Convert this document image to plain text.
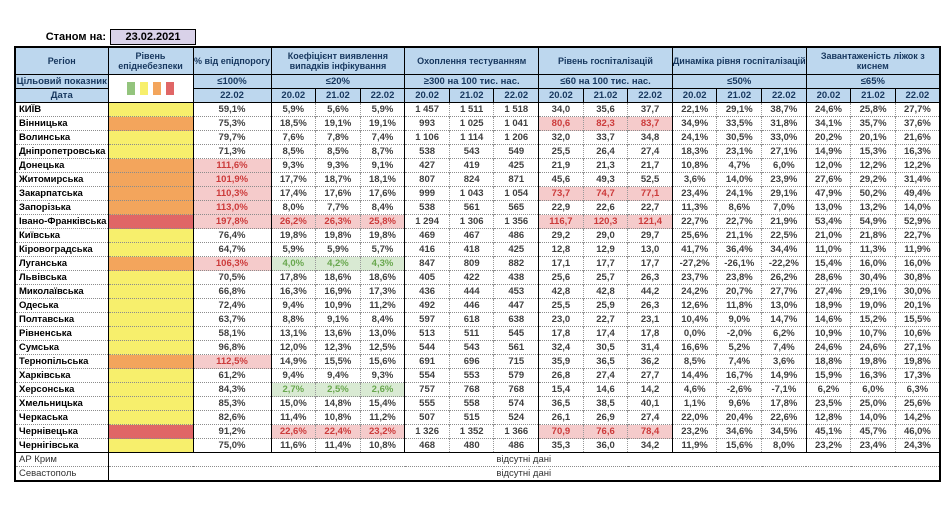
Станом на:	23.02.2021
Регіон	Рівень епіднебезпеки	% від епідпорогу	Коефіцієнт виявлення випадків інфікування			Охоплення тестуванням			Рівень госпіталізацій			Динаміка рівня госпіталізацій			Завантаженість ліжок з киснем		
Цільовий показник		≤100%	≤20%			≥300 на 100 тис. нас.			≤60 на 100 тис. нас.			≤50%			≤65%		
Дата		22.02	20.02	21.02	22.02	20.02	21.02	22.02	20.02	21.02	22.02	20.02	21.02	22.02	20.02	21.02	22.02
КИЇВ		59,1%	5,9%	5,6%	5,9%	1 457	1 511	1 518	34,0	35,6	37,7	22,1%	29,1%	38,7%	24,6%	25,8%	27,7%
Вінницька		75,3%	18,5%	19,1%	19,1%	993	1 025	1 041	80,6	82,3	83,7	34,9%	33,5%	31,8%	34,1%	35,7%	37,6%
Волинська		79,7%	7,6%	7,8%	7,4%	1 106	1 114	1 206	32,0	33,7	34,8	24,1%	30,5%	33,0%	20,2%	20,1%	21,6%
Дніпропетровська		71,3%	8,5%	8,5%	8,7%	538	543	549	25,5	26,4	27,4	18,3%	23,1%	27,1%	14,9%	15,3%	16,3%
Донецька		111,6%	9,3%	9,3%	9,1%	427	419	425	21,9	21,3	21,7	10,8%	4,7%	6,0%	12,0%	12,2%	12,2%
Житомирська		101,9%	17,7%	18,7%	18,1%	807	824	871	45,6	49,3	52,5	3,6%	14,0%	23,9%	27,6%	29,2%	31,4%
Закарпатська		110,3%	17,4%	17,6%	17,6%	999	1 043	1 054	73,7	74,7	77,1	23,4%	24,1%	29,1%	47,9%	50,2%	49,4%
Запорізька		113,0%	8,0%	7,7%	8,4%	538	561	565	22,9	22,6	22,7	11,3%	8,6%	7,0%	13,0%	13,2%	14,0%
Івано-Франківська		197,8%	26,2%	26,3%	25,8%	1 294	1 306	1 356	116,7	120,3	121,4	22,7%	22,7%	21,9%	53,4%	54,9%	52,9%
Київська		76,4%	19,8%	19,8%	19,8%	469	467	486	29,2	29,0	29,7	25,6%	21,1%	22,5%	21,0%	21,8%	22,7%
Кіровоградська		64,7%	5,9%	5,9%	5,7%	416	418	425	12,8	12,9	13,0	41,7%	36,4%	34,4%	11,0%	11,3%	11,9%
Луганська		106,3%	4,0%	4,2%	4,3%	847	809	882	17,1	17,7	17,7	-27,2%	-26,1%	-22,2%	15,4%	16,0%	16,0%
Львівська		70,5%	17,8%	18,6%	18,6%	405	422	438	25,6	25,7	26,3	23,7%	23,8%	26,2%	28,6%	30,4%	30,8%
Миколаївська		66,8%	16,3%	16,9%	17,3%	436	444	453	42,8	42,8	44,2	24,2%	20,7%	27,7%	27,4%	29,1%	30,0%
Одеська		72,4%	9,4%	10,9%	11,2%	492	446	447	25,5	25,9	26,3	12,6%	11,8%	13,0%	18,9%	19,0%	20,1%
Полтавська		63,7%	8,8%	9,1%	8,4%	597	618	638	23,0	22,7	23,1	10,4%	9,0%	14,7%	14,6%	15,2%	15,5%
Рівненська		58,1%	13,1%	13,6%	13,0%	513	511	545	17,8	17,4	17,8	0,0%	-2,0%	6,2%	10,9%	10,7%	10,6%
Сумська		96,8%	12,0%	12,3%	12,5%	544	543	561	32,4	30,5	31,4	16,6%	5,2%	7,4%	24,6%	24,6%	27,1%
Тернопільська		112,5%	14,9%	15,5%	15,6%	691	696	715	35,9	36,5	36,2	8,5%	7,4%	3,6%	18,8%	19,8%	19,8%
Харківська		61,2%	9,4%	9,4%	9,3%	554	553	579	26,8	27,4	27,7	14,4%	16,7%	14,9%	15,9%	16,3%	17,3%
Херсонська		84,3%	2,7%	2,5%	2,6%	757	768	768	15,4	14,6	14,2	4,6%	-2,6%	-7,1%	6,2%	6,0%	6,3%
Хмельницька		85,3%	15,0%	14,8%	15,4%	555	558	574	36,5	38,5	40,1	1,1%	9,6%	17,8%	23,5%	25,0%	25,6%
Черкаська		82,6%	11,4%	10,8%	11,2%	507	515	524	26,1	26,9	27,4	22,0%	20,4%	22,6%	12,8%	14,0%	14,2%
Чернівецька		91,2%	22,6%	22,4%	23,2%	1 326	1 352	1 366	70,9	76,6	78,4	23,2%	34,6%	34,5%	45,1%	45,7%	46,0%
Чернігівська		75,0%	11,6%	11,4%	10,8%	468	480	486	35,3	36,0	34,2	11,9%	15,6%	8,0%	23,2%	23,4%	24,3%
АР Крим	відсутні дані																
Севастополь	відсутні дані																
